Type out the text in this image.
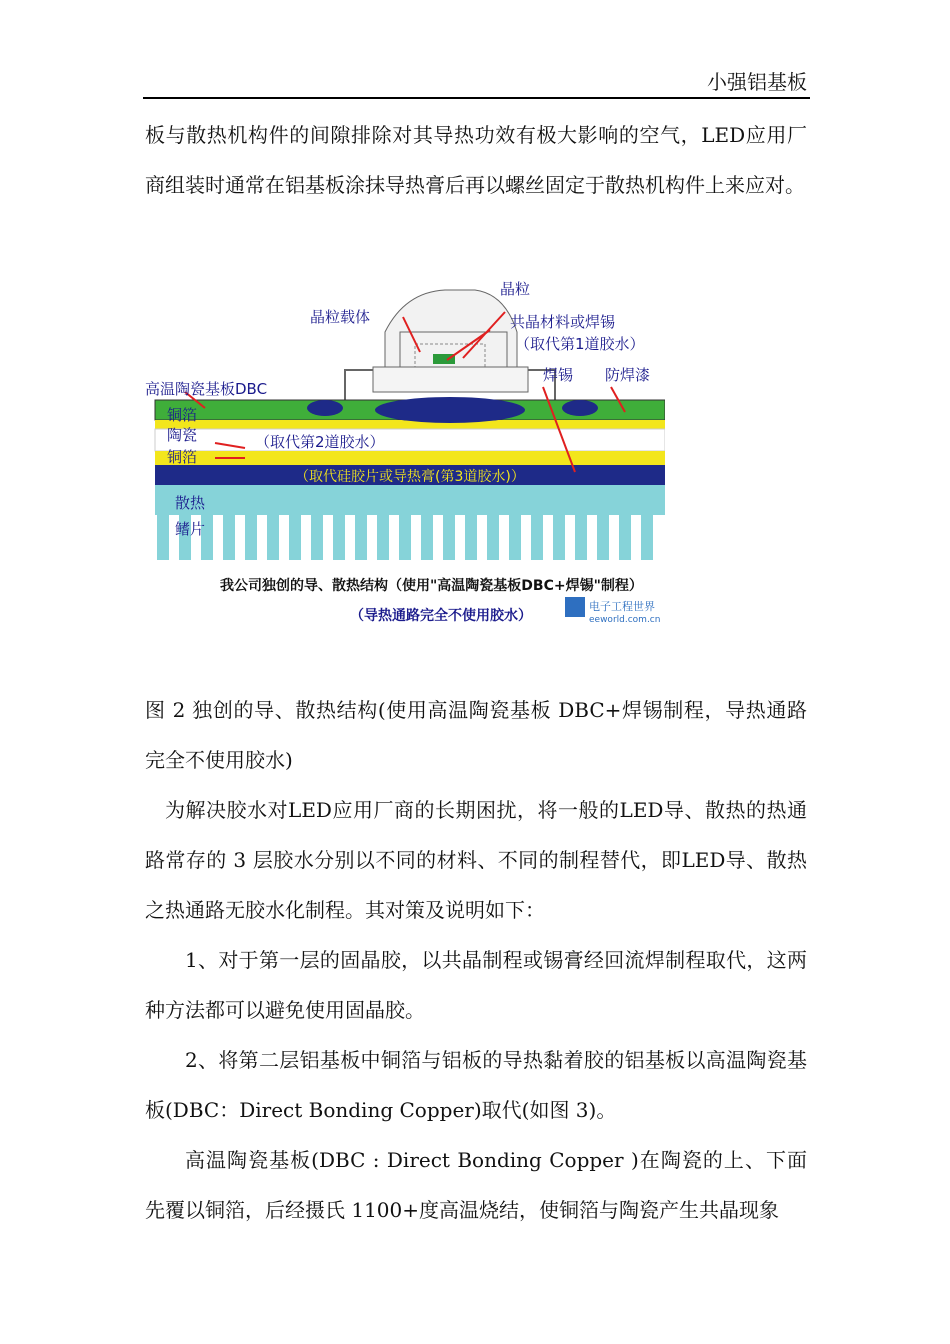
小强铝基板

板与散热机构件的间隙排除对其导热功效有极大影响的空气，LED应用厂商组装时通常在铝基板涂抹导热膏后再以螺丝固定于散热机构件上来应对。

晶粒
晶粒载体	共晶材料或焊锡
（取代第1道胶水）
高温陶瓷基板DBC
焊锡 防焊漆
铜箔
陶瓷
铜箔
（取代第2道胶水）
（取代硅胶片或导热膏(第3道胶水)）
散热
鳍片
我公司独创的导、散热结构（使用"高温陶瓷基板DBC+焊锡"制程）
（导热通路完全不使用胶水）
电子工程世界
eeworld.com.cn

图 2 独创的导、散热结构(使用高温陶瓷基板 DBC+焊锡制程，导热通路完全不使用胶水)

为解决胶水对LED应用厂商的长期困扰，将一般的LED导、散热的热通路常存的 3 层胶水分别以不同的材料、不同的制程替代，即LED导、散热之热通路无胶水化制程。其对策及说明如下：

1、对于第一层的固晶胶，以共晶制程或锡膏经回流焊制程取代，这两种方法都可以避免使用固晶胶。

2、将第二层铝基板中铜箔与铝板的导热黏着胶的铝基板以高温陶瓷基板(DBC：Direct Bonding Copper)取代(如图 3)。

高温陶瓷基板(DBC : Direct Bonding Copper )在陶瓷的上、下面先覆以铜箔，后经摄氏 1100+度高温烧结，使铜箔与陶瓷产生共晶现象
